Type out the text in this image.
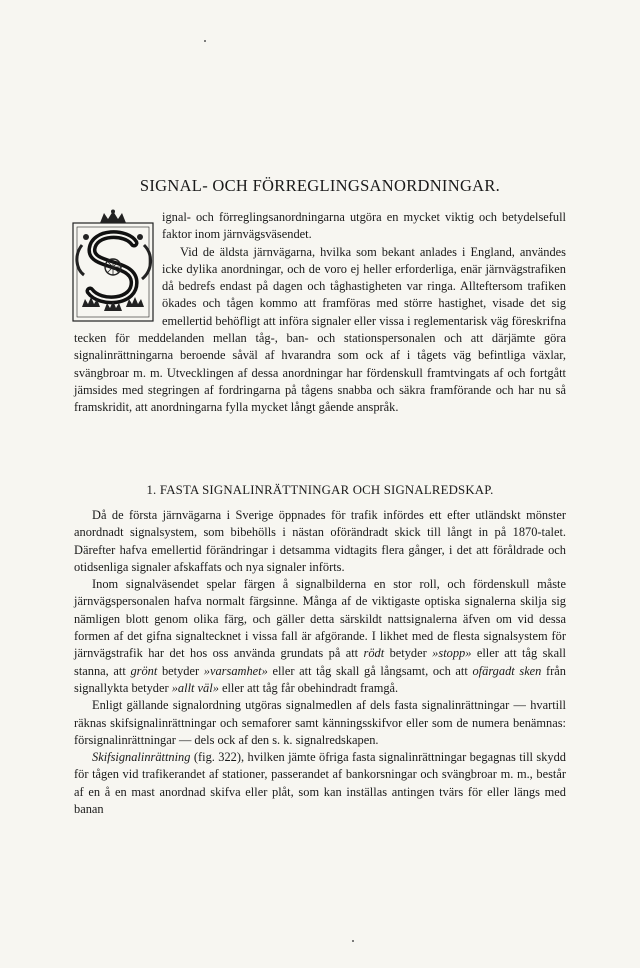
SIGNAL- OCH FÖRREGLINGSANORDNINGAR.

ignal- och förreglingsanordningarna utgöra en mycket viktig och betydelsefull faktor inom järnvägsväsendet.

Vid de äldsta järnvägarna, hvilka som bekant anlades i England, användes icke dylika anordningar, och de voro ej heller erforderliga, enär järnvägstrafiken då bedrefs endast på dagen och tåghastigheten var ringa. Allteftersom trafiken ökades och tågen kommo att framföras med större hastighet, visade det sig emellertid behöfligt att införa signaler eller vissa i reglementarisk väg föreskrifna tecken för meddelanden mellan tåg-, ban- och stationspersonalen och att därjämte göra signalinrättningarna beroende såväl af hvarandra som ock af i tågets väg befintliga växlar, svängbroar m. m. Utvecklingen af dessa anordningar har fördenskull framtvingats af och fortgått jämsides med stegringen af fordringarna på tågens snabba och säkra framförande och har nu så framskridit, att anordningarna fylla mycket långt gående anspråk.

1. FASTA SIGNALINRÄTTNINGAR OCH SIGNALREDSKAP.

Då de första järnvägarna i Sverige öppnades för trafik infördes ett efter utländskt mönster anordnadt signalsystem, som bibehölls i nästan oförändradt skick till långt in på 1870-talet. Därefter hafva emellertid förändringar i detsamma vidtagits flera gånger, i det att föråldrade och otidsenliga signaler afskaffats och nya signaler införts.

Inom signalväsendet spelar färgen å signalbilderna en stor roll, och fördenskull måste järnvägspersonalen hafva normalt färgsinne. Många af de viktigaste optiska signalerna skilja sig nämligen blott genom olika färg, och gäller detta särskildt nattsignalerna äfven om vid dessa formen af det gifna signaltecknet i vissa fall är afgörande. I likhet med de flesta signalsystem för järnvägstrafik har det hos oss använda grundats på att rödt betyder »stopp» eller att tåg skall stanna, att grönt betyder »varsamhet» eller att tåg skall gå långsamt, och att ofärgadt sken från signallykta betyder »allt väl» eller att tåg får obehindradt framgå.

Enligt gällande signalordning utgöras signalmedlen af dels fasta signalinrättningar — hvartill räknas skifsignalinrättningar och semaforer samt känningsskifvor eller som de numera benämnas: försignalinrättningar — dels ock af den s. k. signalredskapen.

Skifsignalinrättning (fig. 322), hvilken jämte öfriga fasta signalinrättningar begagnas till skydd för tågen vid trafikerandet af stationer, passerandet af bankorsningar och svängbroar m. m., består af en å en mast anordnad skifva eller plåt, som kan inställas antingen tvärs för eller längs med banan
